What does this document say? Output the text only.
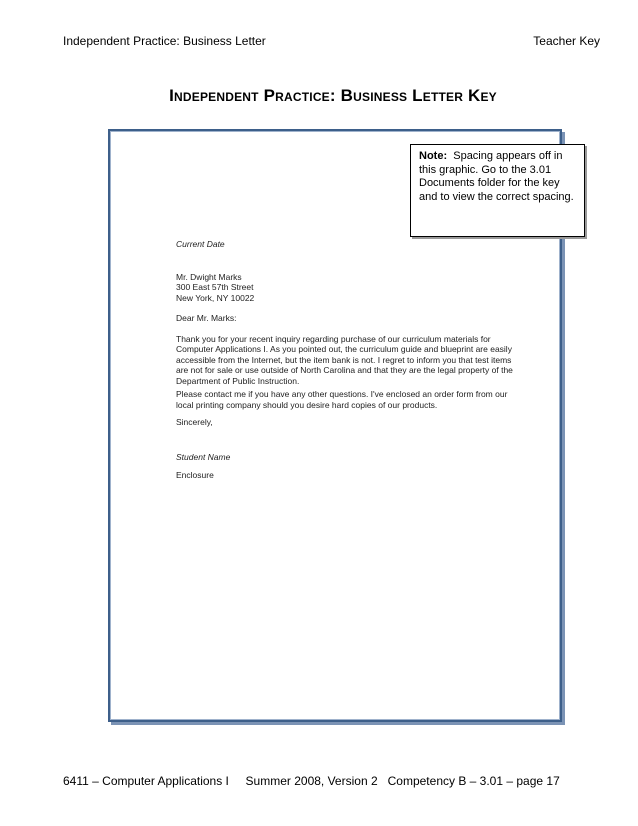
Independent Practice: Business Letter	Teacher Key
Independent Practice: Business Letter Key

Current Date

Mr. Dwight Marks

300 East 57th Street

New York, NY 10022

Dear Mr. Marks:

Thank you for your recent inquiry regarding purchase of our curriculum materials for Computer Applications I. As you pointed out, the curriculum guide and blueprint are easily accessible from the Internet, but the item bank is not. I regret to inform you that test items are not for sale or use outside of North Carolina and that they are the legal property of the Department of Public Instruction.

Please contact me if you have any other questions. I've enclosed an order form from our local printing company should you desire hard copies of our products.

Sincerely,

Student Name

Enclosure

Note: Spacing appears off in this graphic. Go to the 3.01 Documents folder for the key and to view the correct spacing.
6411 – Computer Applications I     Summer 2008, Version 2   Competency B – 3.01 – page 17
